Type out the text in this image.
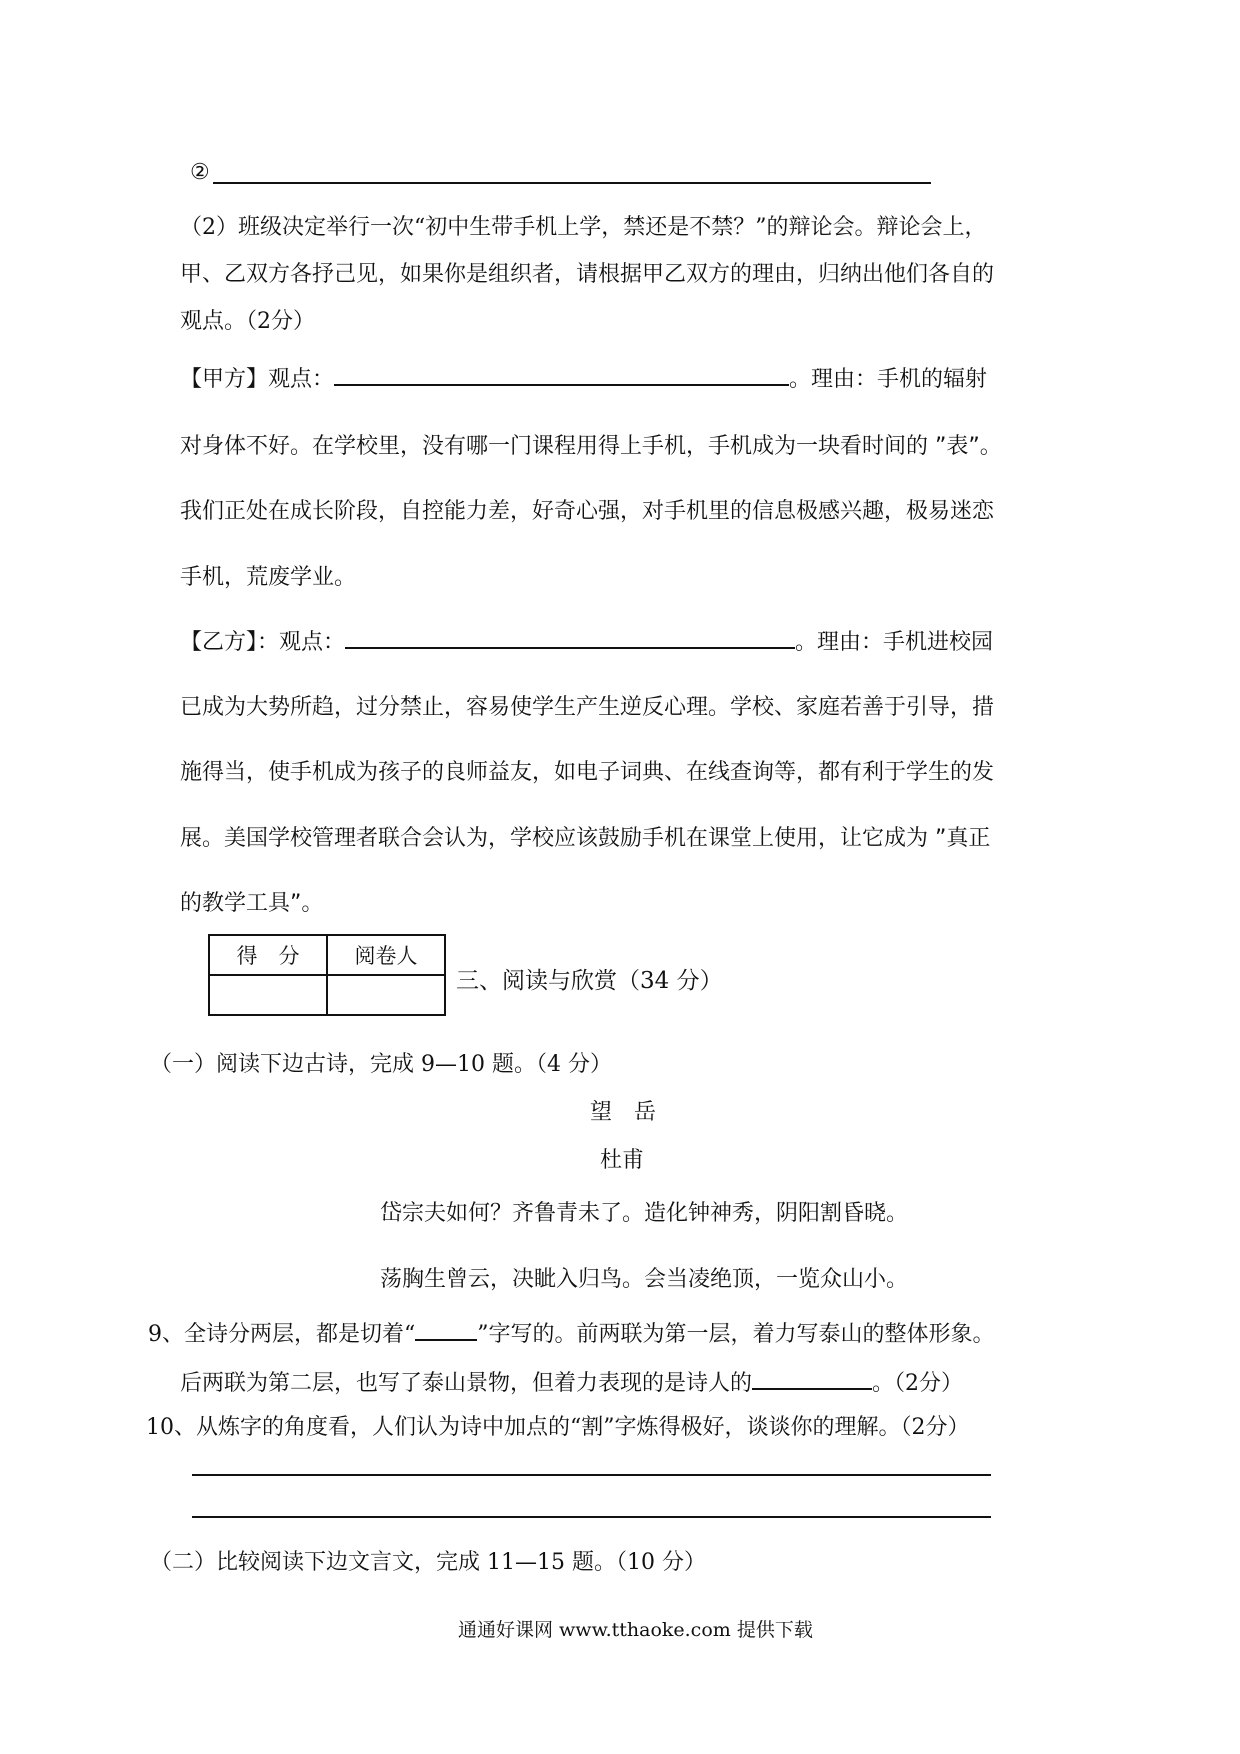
②
（2）班级决定举行一次“初中生带手机上学，禁还是不禁？”的辩论会。辩论会上，
甲、乙双方各抒己见，如果你是组织者，请根据甲乙双方的理由，归纳出他们各自的
观点。（2分）
【甲方】观点：	。理由：手机的辐射
对身体不好。在学校里，没有哪一门课程用得上手机，手机成为一块看时间的 ”表”。
我们正处在成长阶段，自控能力差，好奇心强，对手机里的信息极感兴趣，极易迷恋
手机，荒废学业。
【乙方】：观点：	。理由：手机进校园
已成为大势所趋，过分禁止，容易使学生产生逆反心理。学校、家庭若善于引导，措
施得当，使手机成为孩子的良师益友，如电子词典、在线查询等，都有利于学生的发
展。美国学校管理者联合会认为，学校应该鼓励手机在课堂上使用，让它成为 ”真正
的教学工具”。
得　分	阅卷人

三、阅读与欣赏（34 分）
（一）阅读下边古诗，完成 9—10 题。（4 分）
望　岳
杜甫
岱宗夫如何？齐鲁青未了。造化钟神秀，阴阳割昏晓。
荡胸生曾云，决眦入归鸟。会当凌绝顶，一览众山小。
9、全诗分两层，都是切着“	”字写的。前两联为第一层，着力写泰山的整体形象。
后两联为第二层，也写了泰山景物，但着力表现的是诗人的	。（2分）
10、从炼字的角度看，人们认为诗中加点的“割”字炼得极好，谈谈你的理解。（2分）
（二）比较阅读下边文言文，完成 11—15 题。（10 分）
通通好课网 www.tthaoke.com 提供下载
